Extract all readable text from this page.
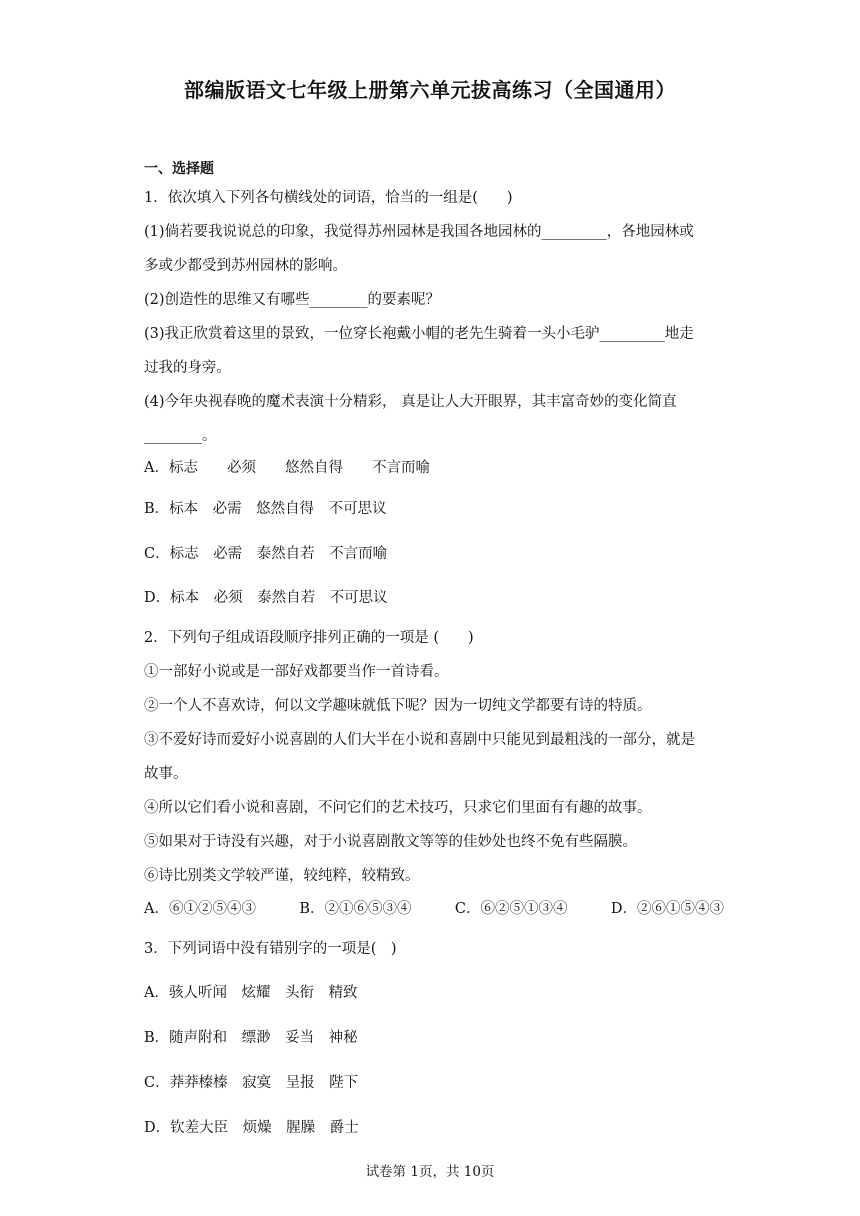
部编版语文七年级上册第六单元拔高练习（全国通用）
一、选择题
1．依次填入下列各句横线处的词语，恰当的一组是(　　)
(1)倘若要我说说总的印象，我觉得苏州园林是我国各地园林的_________，各地园林或
多或少都受到苏州园林的影响。
(2)创造性的思维又有哪些________的要素呢？
(3)我正欣赏着这里的景致，一位穿长袍戴小帽的老先生骑着一头小毛驴_________地走
过我的身旁。
(4)今年央视春晚的魔术表演十分精彩， 真是让人大开眼界，其丰富奇妙的变化简直
________。
A．标志　　必须　　悠然自得　　不言而喻
B．标本　必需　悠然自得　不可思议
C．标志　必需　泰然自若　不言而喻
D．标本　必须　泰然自若　不可思议
2．下列句子组成语段顺序排列正确的一项是 (　　)
①一部好小说或是一部好戏都要当作一首诗看。
②一个人不喜欢诗，何以文学趣味就低下呢？因为一切纯文学都要有诗的特质。
③不爱好诗而爱好小说喜剧的人们大半在小说和喜剧中只能见到最粗浅的一部分，就是
故事。
④所以它们看小说和喜剧，不问它们的艺术技巧，只求它们里面有有趣的故事。
⑤如果对于诗没有兴趣，对于小说喜剧散文等等的佳妙处也终不免有些隔膜。
⑥诗比别类文学较严谨，较纯粹，较精致。
A．⑥①②⑤④③	B．②①⑥⑤③④	C．⑥②⑤①③④	D．②⑥①⑤④③
3．下列词语中没有错别字的一项是(　)
A．骇人听闻　炫耀　头衔　精致
B．随声附和　缥渺　妥当　神秘
C．莽莽榛榛　寂寞　呈报　陛下
D．钦差大臣　烦燥　腥臊　爵士
试卷第 1页，共 10页
